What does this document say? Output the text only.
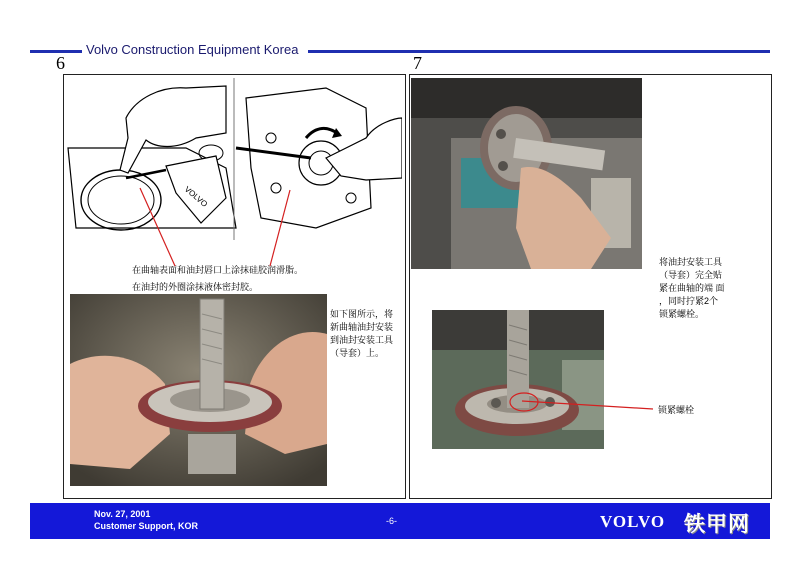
Volvo Construction Equipment Korea
6	7
VOLVO
在曲轴表面和油封唇口上涂抹硅胶润滑脂。
在油封的外圈涂抹液体密封胶。
如下图所示，将
新曲轴油封安装
到油封安装工具
（导套）上。
将油封安装工具
（导套）完全贴
紧在曲轴的端 面
，同时拧紧2个
锁紧螺栓。
锁紧螺栓
Nov. 27, 2001
Customer Support, KOR	-6-	VOLVO 铁甲网
